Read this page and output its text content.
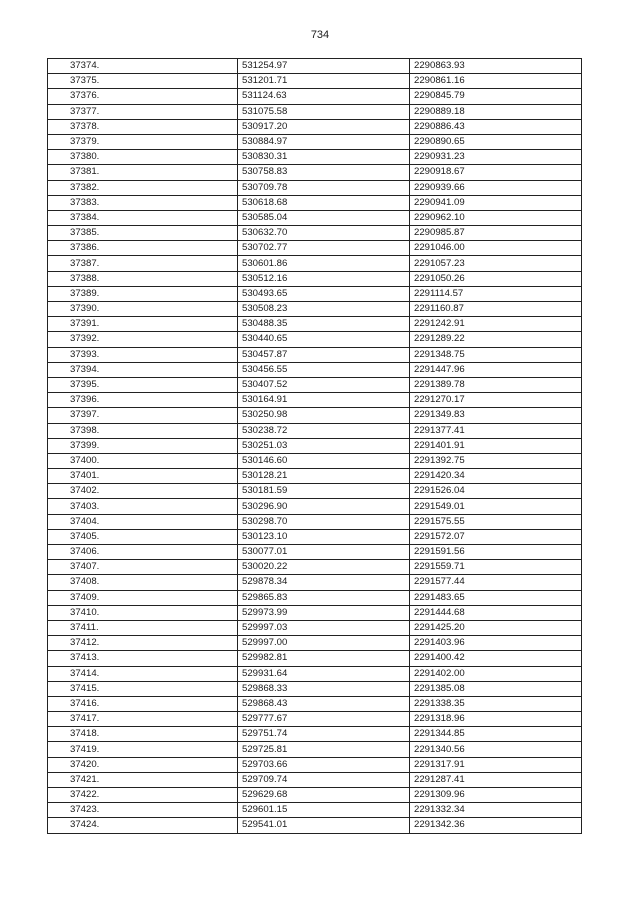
734
37374.	531254.97	2290863.93
37375.	531201.71	2290861.16
37376.	531124.63	2290845.79
37377.	531075.58	2290889.18
37378.	530917.20	2290886.43
37379.	530884.97	2290890.65
37380.	530830.31	2290931.23
37381.	530758.83	2290918.67
37382.	530709.78	2290939.66
37383.	530618.68	2290941.09
37384.	530585.04	2290962.10
37385.	530632.70	2290985.87
37386.	530702.77	2291046.00
37387.	530601.86	2291057.23
37388.	530512.16	2291050.26
37389.	530493.65	2291114.57
37390.	530508.23	2291160.87
37391.	530488.35	2291242.91
37392.	530440.65	2291289.22
37393.	530457.87	2291348.75
37394.	530456.55	2291447.96
37395.	530407.52	2291389.78
37396.	530164.91	2291270.17
37397.	530250.98	2291349.83
37398.	530238.72	2291377.41
37399.	530251.03	2291401.91
37400.	530146.60	2291392.75
37401.	530128.21	2291420.34
37402.	530181.59	2291526.04
37403.	530296.90	2291549.01
37404.	530298.70	2291575.55
37405.	530123.10	2291572.07
37406.	530077.01	2291591.56
37407.	530020.22	2291559.71
37408.	529878.34	2291577.44
37409.	529865.83	2291483.65
37410.	529973.99	2291444.68
37411.	529997.03	2291425.20
37412.	529997.00	2291403.96
37413.	529982.81	2291400.42
37414.	529931.64	2291402.00
37415.	529868.33	2291385.08
37416.	529868.43	2291338.35
37417.	529777.67	2291318.96
37418.	529751.74	2291344.85
37419.	529725.81	2291340.56
37420.	529703.66	2291317.91
37421.	529709.74	2291287.41
37422.	529629.68	2291309.96
37423.	529601.15	2291332.34
37424.	529541.01	2291342.36
